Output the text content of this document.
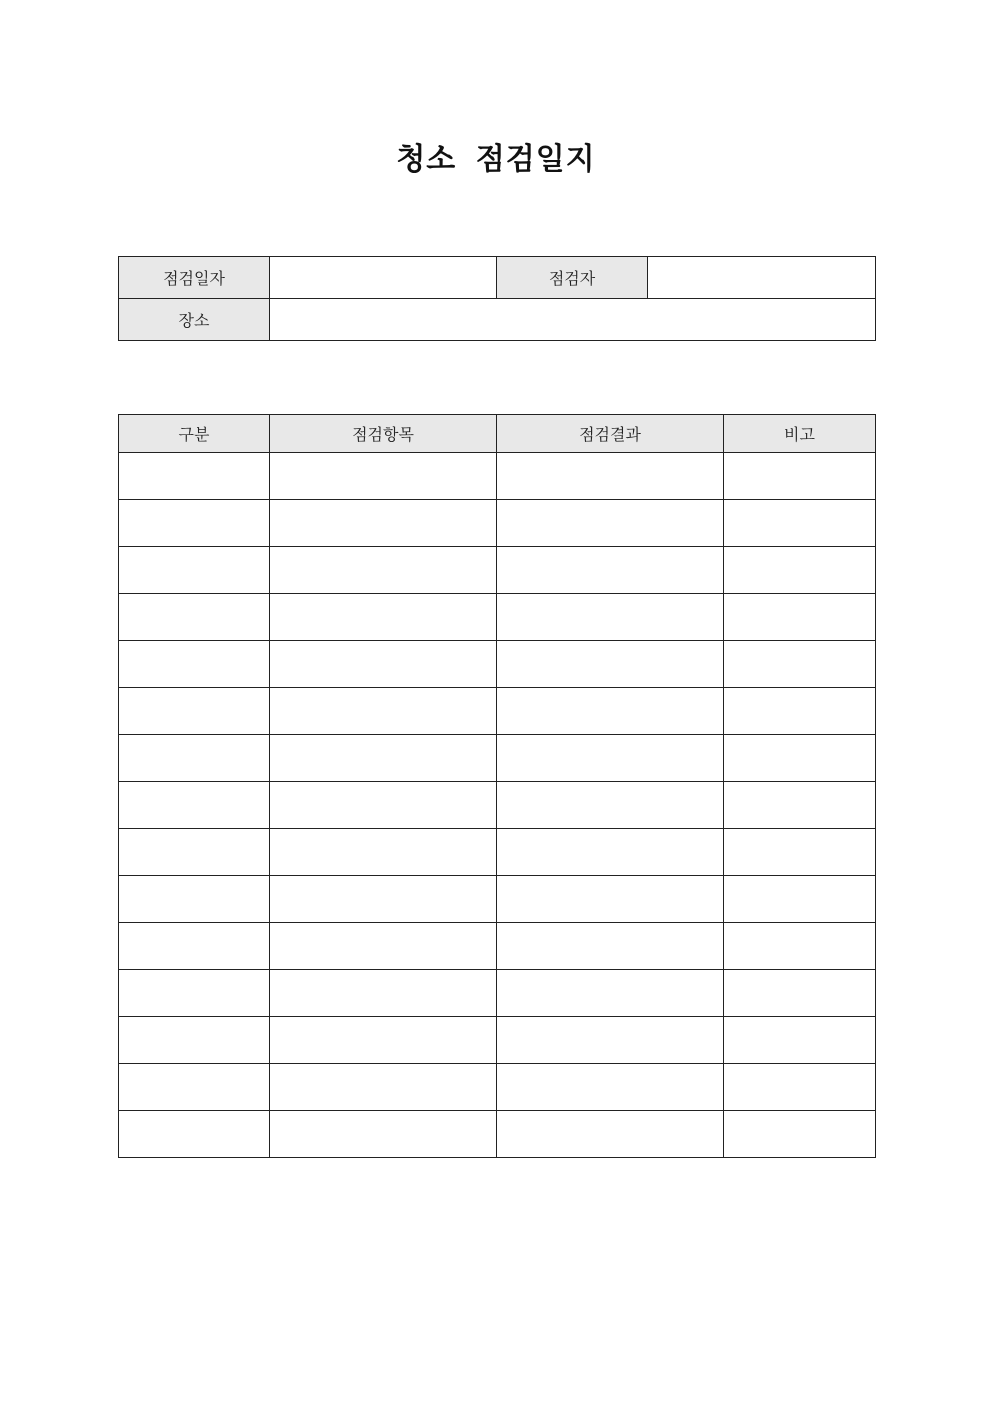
청소 점검일지
점검일자		점검자	
장소			
구분	점검항목	점검결과	비고
